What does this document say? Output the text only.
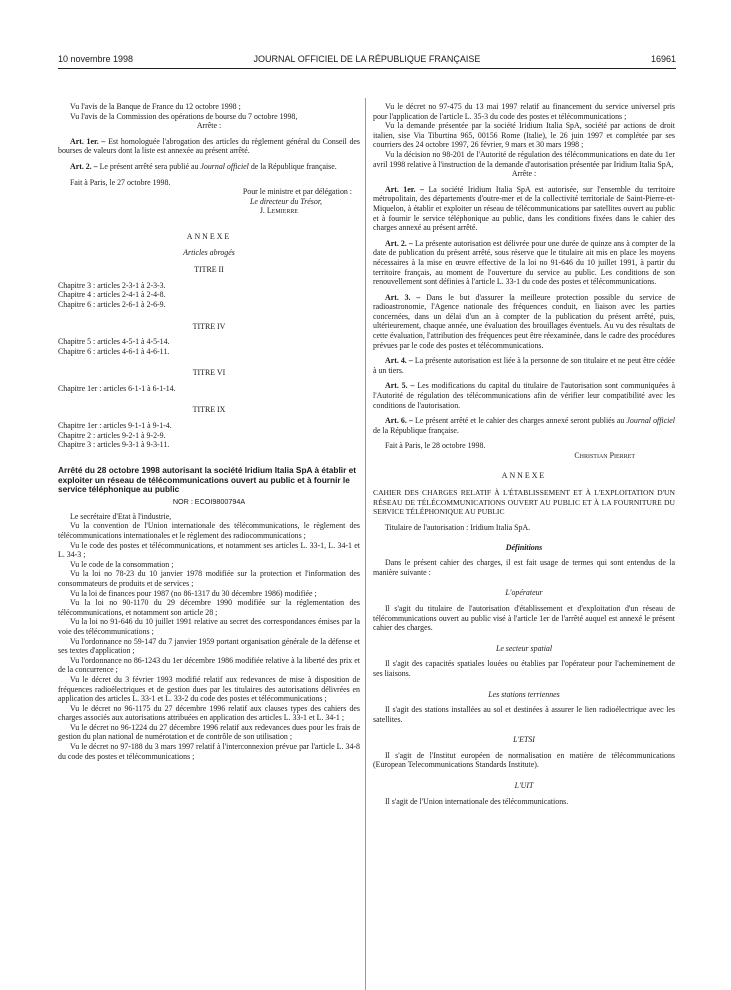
10 novembre 1998	JOURNAL OFFICIEL DE LA RÉPUBLIQUE FRANÇAISE	16961

Vu l'avis de la Banque de France du 12 octobre 1998 ;

Vu l'avis de la Commission des opérations de bourse du 7 octobre 1998,

Arrête :

Art. 1er. – Est homologuée l'abrogation des articles du règlement général du Conseil des bourses de valeurs dont la liste est annexée au présent arrêté.

Art. 2. – Le présent arrêté sera publié au Journal officiel de la République française.

Fait à Paris, le 27 octobre 1998.

Pour le ministre et par délégation :

Le directeur du Trésor,

J. Lemierre

ANNEXE

Articles abrogés

TITRE II

Chapitre 3 : articles 2-3-1 à 2-3-3.

Chapitre 4 : articles 2-4-1 à 2-4-8.

Chapitre 6 : articles 2-6-1 à 2-6-9.

TITRE IV

Chapitre 5 : articles 4-5-1 à 4-5-14.

Chapitre 6 : articles 4-6-1 à 4-6-11.

TITRE VI

Chapitre 1er : articles 6-1-1 à 6-1-14.

TITRE IX

Chapitre 1er : articles 9-1-1 à 9-1-4.

Chapitre 2 : articles 9-2-1 à 9-2-9.

Chapitre 3 : articles 9-3-1 à 9-3-11.

Arrêté du 28 octobre 1998 autorisant la société Iridium Italia SpA à établir et exploiter un réseau de télécommunications ouvert au public et à fournir le service téléphonique au public

NOR : ECOI9800794A

Le secrétaire d'Etat à l'industrie,

Vu la convention de l'Union internationale des télécommunications, le règlement des télécommunications internationales et le règlement des radiocommunications ;

Vu le code des postes et télécommunications, et notamment ses articles L. 33-1, L. 34-1 et L. 34-3 ;

Vu le code de la consommation ;

Vu la loi no 78-23 du 10 janvier 1978 modifiée sur la protection et l'information des consommateurs de produits et de services ;

Vu la loi de finances pour 1987 (no 86-1317 du 30 décembre 1986) modifiée ;

Vu la loi no 90-1170 du 29 décembre 1990 modifiée sur la réglementation des télécommunications, et notamment son article 28 ;

Vu la loi no 91-646 du 10 juillet 1991 relative au secret des correspondances émises par la voie des télécommunications ;

Vu l'ordonnance no 59-147 du 7 janvier 1959 portant organisation générale de la défense et ses textes d'application ;

Vu l'ordonnance no 86-1243 du 1er décembre 1986 modifiée relative à la liberté des prix et de la concurrence ;

Vu le décret du 3 février 1993 modifié relatif aux redevances de mise à disposition de fréquences radioélectriques et de gestion dues par les titulaires des autorisations délivrées en application des articles L. 33-1 et L. 33-2 du code des postes et télécommunications ;

Vu le décret no 96-1175 du 27 décembre 1996 relatif aux clauses types des cahiers des charges associés aux autorisations attribuées en application des articles L. 33-1 et L. 34-1 ;

Vu le décret no 96-1224 du 27 décembre 1996 relatif aux redevances dues pour les frais de gestion du plan national de numérotation et de contrôle de son utilisation ;

Vu le décret no 97-188 du 3 mars 1997 relatif à l'interconnexion prévue par l'article L. 34-8 du code des postes et télécommunications ;

Vu le décret no 97-475 du 13 mai 1997 relatif au financement du service universel pris pour l'application de l'article L. 35-3 du code des postes et télécommunications ;

Vu la demande présentée par la société Iridium Italia SpA, société par actions de droit italien, sise Via Tiburtina 965, 00156 Rome (Italie), le 26 juin 1997 et complétée par ses courriers des 24 octobre 1997, 26 février, 9 mars et 30 mars 1998 ;

Vu la décision no 98-201 de l'Autorité de régulation des télécommunications en date du 1er avril 1998 relative à l'instruction de la demande d'autorisation présentée par Iridium Italia SpA,

Arrête :

Art. 1er. – La société Iridium Italia SpA est autorisée, sur l'ensemble du territoire métropolitain, des départements d'outre-mer et de la collectivité territoriale de Saint-Pierre-et-Miquelon, à établir et exploiter un réseau de télécommunications par satellites ouvert au public et à fournir le service téléphonique au public, dans les conditions fixées dans le cahier des charges annexé au présent arrêté.

Art. 2. – La présente autorisation est délivrée pour une durée de quinze ans à compter de la date de publication du présent arrêté, sous réserve que le titulaire ait mis en place les moyens nécessaires à la mise en œuvre effective de la loi no 91-646 du 10 juillet 1991, à partir du territoire français, au moment de l'ouverture du service au public. Les conditions de son renouvellement sont définies à l'article L. 33-1 du code des postes et télécommunications.

Art. 3. – Dans le but d'assurer la meilleure protection possible du service de radioastronomie, l'Agence nationale des fréquences conduit, en liaison avec les parties concernées, dans un délai d'un an à compter de la publication du présent arrêté, puis, ultérieurement, chaque année, une évaluation des brouillages éventuels. Au vu des résultats de cette évaluation, l'attribution des fréquences peut être réexaminée, dans le cadre des procédures prévues par le code des postes et télécommunications.

Art. 4. – La présente autorisation est liée à la personne de son titulaire et ne peut être cédée à un tiers.

Art. 5. – Les modifications du capital du titulaire de l'autorisation sont communiquées à l'Autorité de régulation des télécommunications afin de vérifier leur compatibilité avec les conditions de l'autorisation.

Art. 6. – Le présent arrêté et le cahier des charges annexé seront publiés au Journal officiel de la République française.

Fait à Paris, le 28 octobre 1998.

Christian Pierret

ANNEXE

CAHIER DES CHARGES RELATIF À L'ÉTABLISSEMENT ET À L'EXPLOITATION D'UN RÉSEAU DE TÉLÉCOMMUNICATIONS OUVERT AU PUBLIC ET À LA FOURNITURE DU SERVICE TÉLÉPHONIQUE AU PUBLIC

Titulaire de l'autorisation : Iridium Italia SpA.

Définitions

Dans le présent cahier des charges, il est fait usage de termes qui sont entendus de la manière suivante :

L'opérateur

Il s'agit du titulaire de l'autorisation d'établissement et d'exploitation d'un réseau de télécommunications ouvert au public visé à l'article 1er de l'arrêté auquel est annexé le présent cahier des charges.

Le secteur spatial

Il s'agit des capacités spatiales louées ou établies par l'opérateur pour l'acheminement de ses liaisons.

Les stations terriennes

Il s'agit des stations installées au sol et destinées à assurer le lien radioélectrique avec les satellites.

L'ETSI

Il s'agit de l'Institut européen de normalisation en matière de télécommunications (European Telecommunications Standards Institute).

L'UIT

Il s'agit de l'Union internationale des télécommunications.
